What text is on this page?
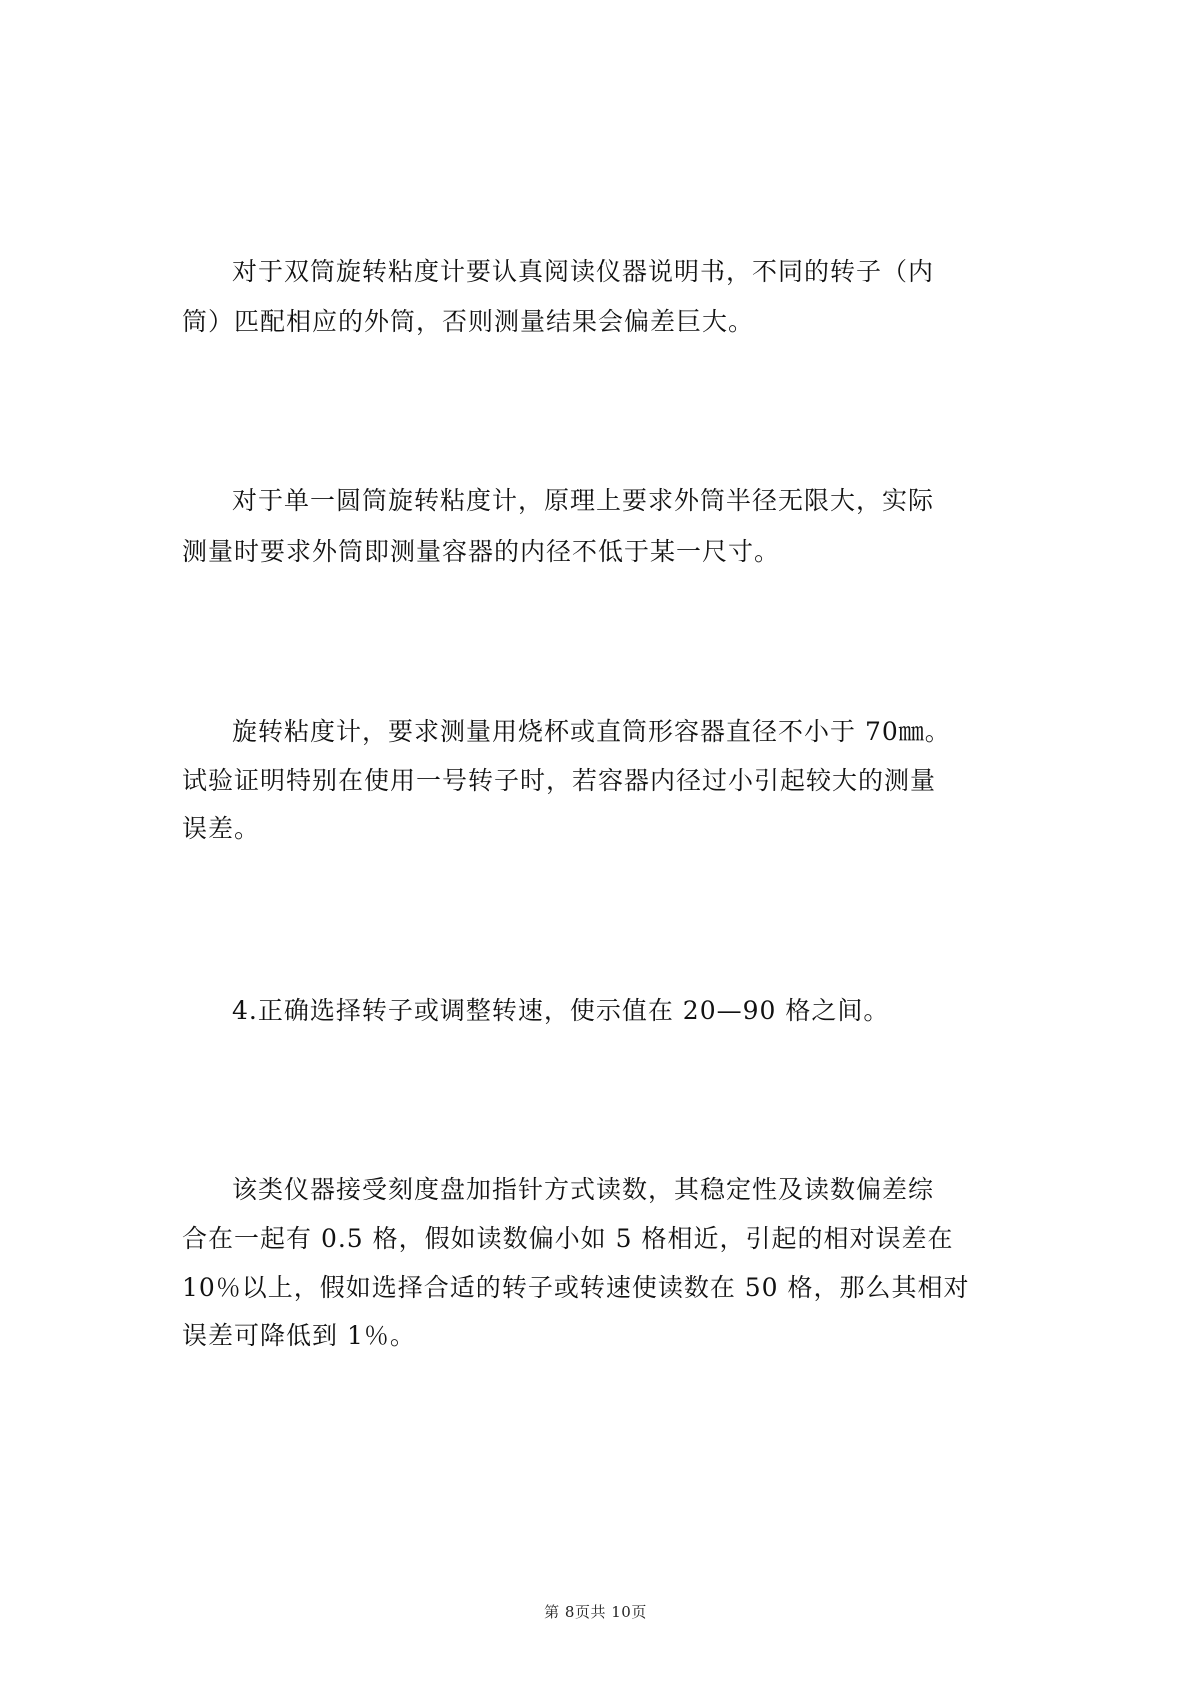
对于双筒旋转粘度计要认真阅读仪器说明书，不同的转子（内

筒）匹配相应的外筒，否则测量结果会偏差巨大。

对于单一圆筒旋转粘度计，原理上要求外筒半径无限大，实际

测量时要求外筒即测量容器的内径不低于某一尺寸。

旋转粘度计，要求测量用烧杯或直筒形容器直径不小于 70㎜。

试验证明特别在使用一号转子时，若容器内径过小引起较大的测量

误差。

4.正确选择转子或调整转速，使示值在 20—90 格之间。

该类仪器接受刻度盘加指针方式读数，其稳定性及读数偏差综

合在一起有 0.5 格，假如读数偏小如 5 格相近，引起的相对误差在

10％以上，假如选择合适的转子或转速使读数在 50 格，那么其相对

误差可降低到 1％。

第 8页共 10页
